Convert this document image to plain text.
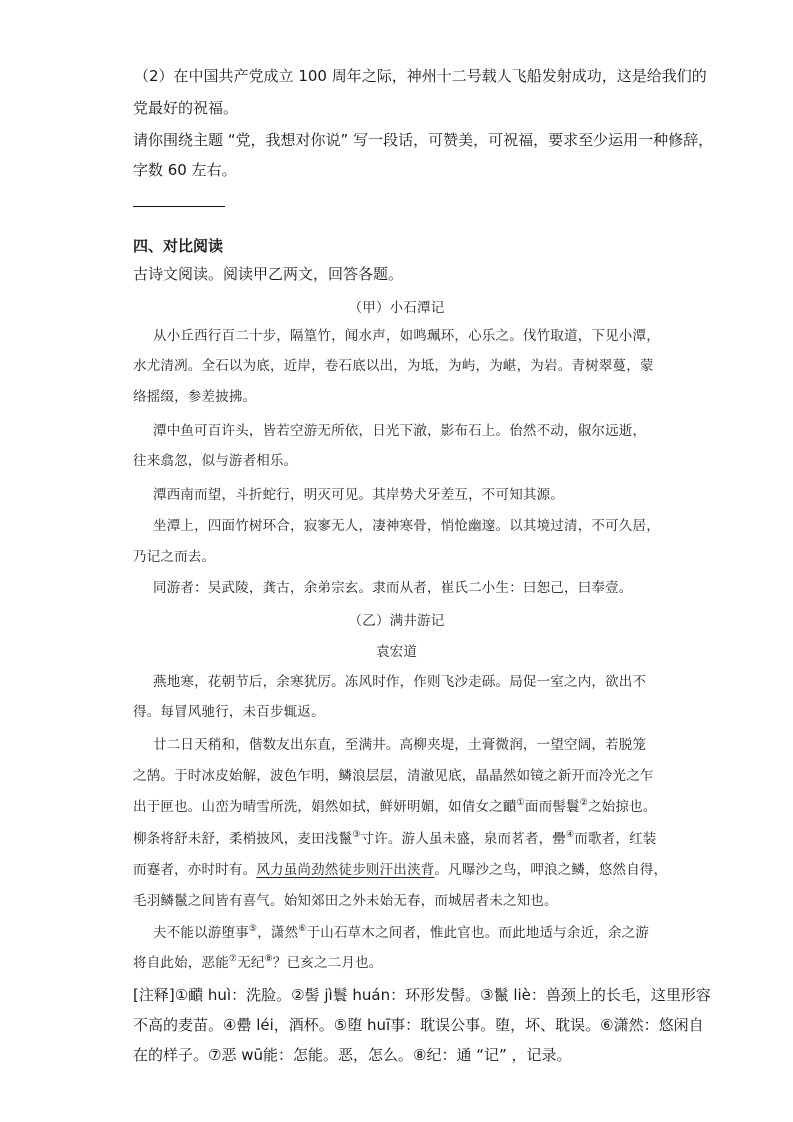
（2）在中国共产党成立 100 周年之际，神州十二号载人飞船发射成功，这是给我们的
党最好的祝福。
请你围绕主题 “党，我想对你说” 写一段话，可赞美，可祝福，要求至少运用一种修辞，
字数 60 左右。
四、对比阅读
古诗文阅读。阅读甲乙两文，回答各题。
（甲）小石潭记
从小丘西行百二十步，隔篁竹，闻水声，如鸣珮环，心乐之。伐竹取道，下见小潭，
水尤清冽。全石以为底，近岸，卷石底以出，为坻，为屿，为嵁，为岩。青树翠蔓，蒙
络摇缀，参差披拂。
潭中鱼可百许头，皆若空游无所依，日光下澈，影布石上。佁然不动，俶尔远逝，
往来翕忽，似与游者相乐。
潭西南而望，斗折蛇行，明灭可见。其岸势犬牙差互，不可知其源。
坐潭上，四面竹树环合，寂寥无人，凄神寒骨，悄怆幽邃。以其境过清，不可久居，
乃记之而去。
同游者：吴武陵，龚古，余弟宗玄。隶而从者，崔氏二小生：曰恕己，曰奉壹。
（乙）满井游记
袁宏道
燕地寒，花朝节后，余寒犹厉。冻风时作，作则飞沙走砾。局促一室之内，欲出不
得。每冒风驰行，未百步辄返。
廿二日天稍和，偕数友出东直，至满井。高柳夹堤，土膏微润，一望空阔，若脱笼
之鹄。于时冰皮始解，波色乍明，鳞浪层层，清澈见底，晶晶然如镜之新开而冷光之乍
出于匣也。山峦为晴雪所洗，娟然如拭，鲜妍明媚，如倩女之靧①面而髻鬟②之始掠也。
柳条将舒未舒，柔梢披风，麦田浅鬣③寸许。游人虽未盛，泉而茗者，罍④而歌者，红装
而蹇者，亦时时有。风力虽尚劲然徒步则汗出浃背。凡曝沙之鸟，呷浪之鳞，悠然自得，
毛羽鳞鬣之间皆有喜气。始知郊田之外未始无春，而城居者未之知也。
夫不能以游堕事⑤，潇然⑥于山石草木之间者，惟此官也。而此地适与余近，余之游
将自此始，恶能⑦无纪⑧？已亥之二月也。
[注释]①靧 huì：洗脸。②髻 jì鬟 huán：环形发髻。③鬣 liè：兽颈上的长毛，这里形容
不高的麦苗。④罍 léi，酒杯。⑤堕 huī事：耽误公事。堕，坏、耽误。⑥潇然：悠闲自
在的样子。⑦恶 wū能：怎能。恶，怎么。⑧纪：通 “记” ，记录。
